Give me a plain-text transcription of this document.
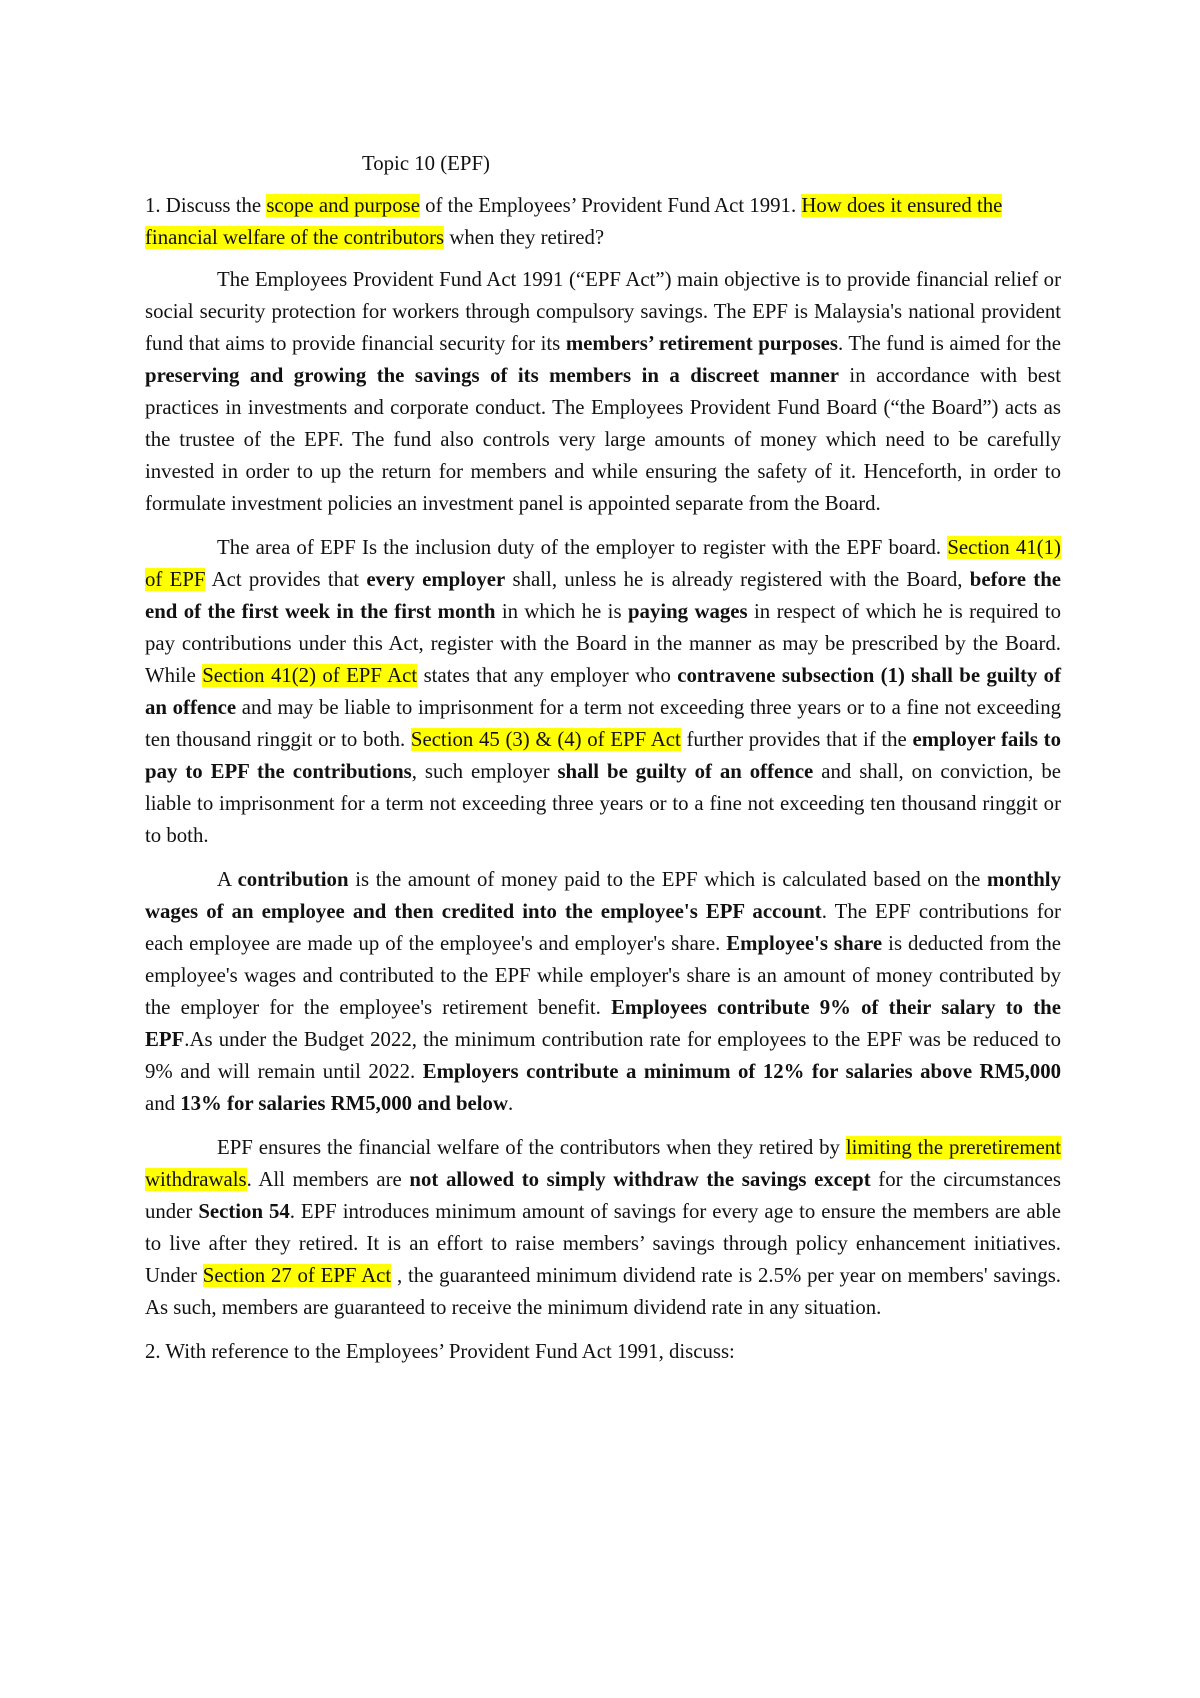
Topic 10 (EPF)
1. Discuss the scope and purpose of the Employees’ Provident Fund Act 1991. How does it ensured the financial welfare of the contributors when they retired?
The Employees Provident Fund Act 1991 (“EPF Act”) main objective is to provide financial relief or social security protection for workers through compulsory savings. The EPF is Malaysia's national provident fund that aims to provide financial security for its members’ retirement purposes. The fund is aimed for the preserving and growing the savings of its members in a discreet manner in accordance with best practices in investments and corporate conduct. The Employees Provident Fund Board (“the Board”) acts as the trustee of the EPF. The fund also controls very large amounts of money which need to be carefully invested in order to up the return for members and while ensuring the safety of it. Henceforth, in order to formulate investment policies an investment panel is appointed separate from the Board.
The area of EPF Is the inclusion duty of the employer to register with the EPF board. Section 41(1) of EPF Act provides that every employer shall, unless he is already registered with the Board, before the end of the first week in the first month in which he is paying wages in respect of which he is required to pay contributions under this Act, register with the Board in the manner as may be prescribed by the Board. While Section 41(2) of EPF Act states that any employer who contravene subsection (1) shall be guilty of an offence and may be liable to imprisonment for a term not exceeding three years or to a fine not exceeding ten thousand ringgit or to both. Section 45 (3) & (4) of EPF Act further provides that if the employer fails to pay to EPF the contributions, such employer shall be guilty of an offence and shall, on conviction, be liable to imprisonment for a term not exceeding three years or to a fine not exceeding ten thousand ringgit or to both.
A contribution is the amount of money paid to the EPF which is calculated based on the monthly wages of an employee and then credited into the employee's EPF account. The EPF contributions for each employee are made up of the employee's and employer's share. Employee's share is deducted from the employee's wages and contributed to the EPF while employer's share is an amount of money contributed by the employer for the employee's retirement benefit. Employees contribute 9% of their salary to the EPF.As under the Budget 2022, the minimum contribution rate for employees to the EPF was be reduced to 9% and will remain until 2022. Employers contribute a minimum of 12% for salaries above RM5,000 and 13% for salaries RM5,000 and below.
EPF ensures the financial welfare of the contributors when they retired by limiting the preretirement withdrawals. All members are not allowed to simply withdraw the savings except for the circumstances under Section 54. EPF introduces minimum amount of savings for every age to ensure the members are able to live after they retired. It is an effort to raise members’ savings through policy enhancement initiatives. Under Section 27 of EPF Act , the guaranteed minimum dividend rate is 2.5% per year on members' savings. As such, members are guaranteed to receive the minimum dividend rate in any situation.
2. With reference to the Employees’ Provident Fund Act 1991, discuss:
